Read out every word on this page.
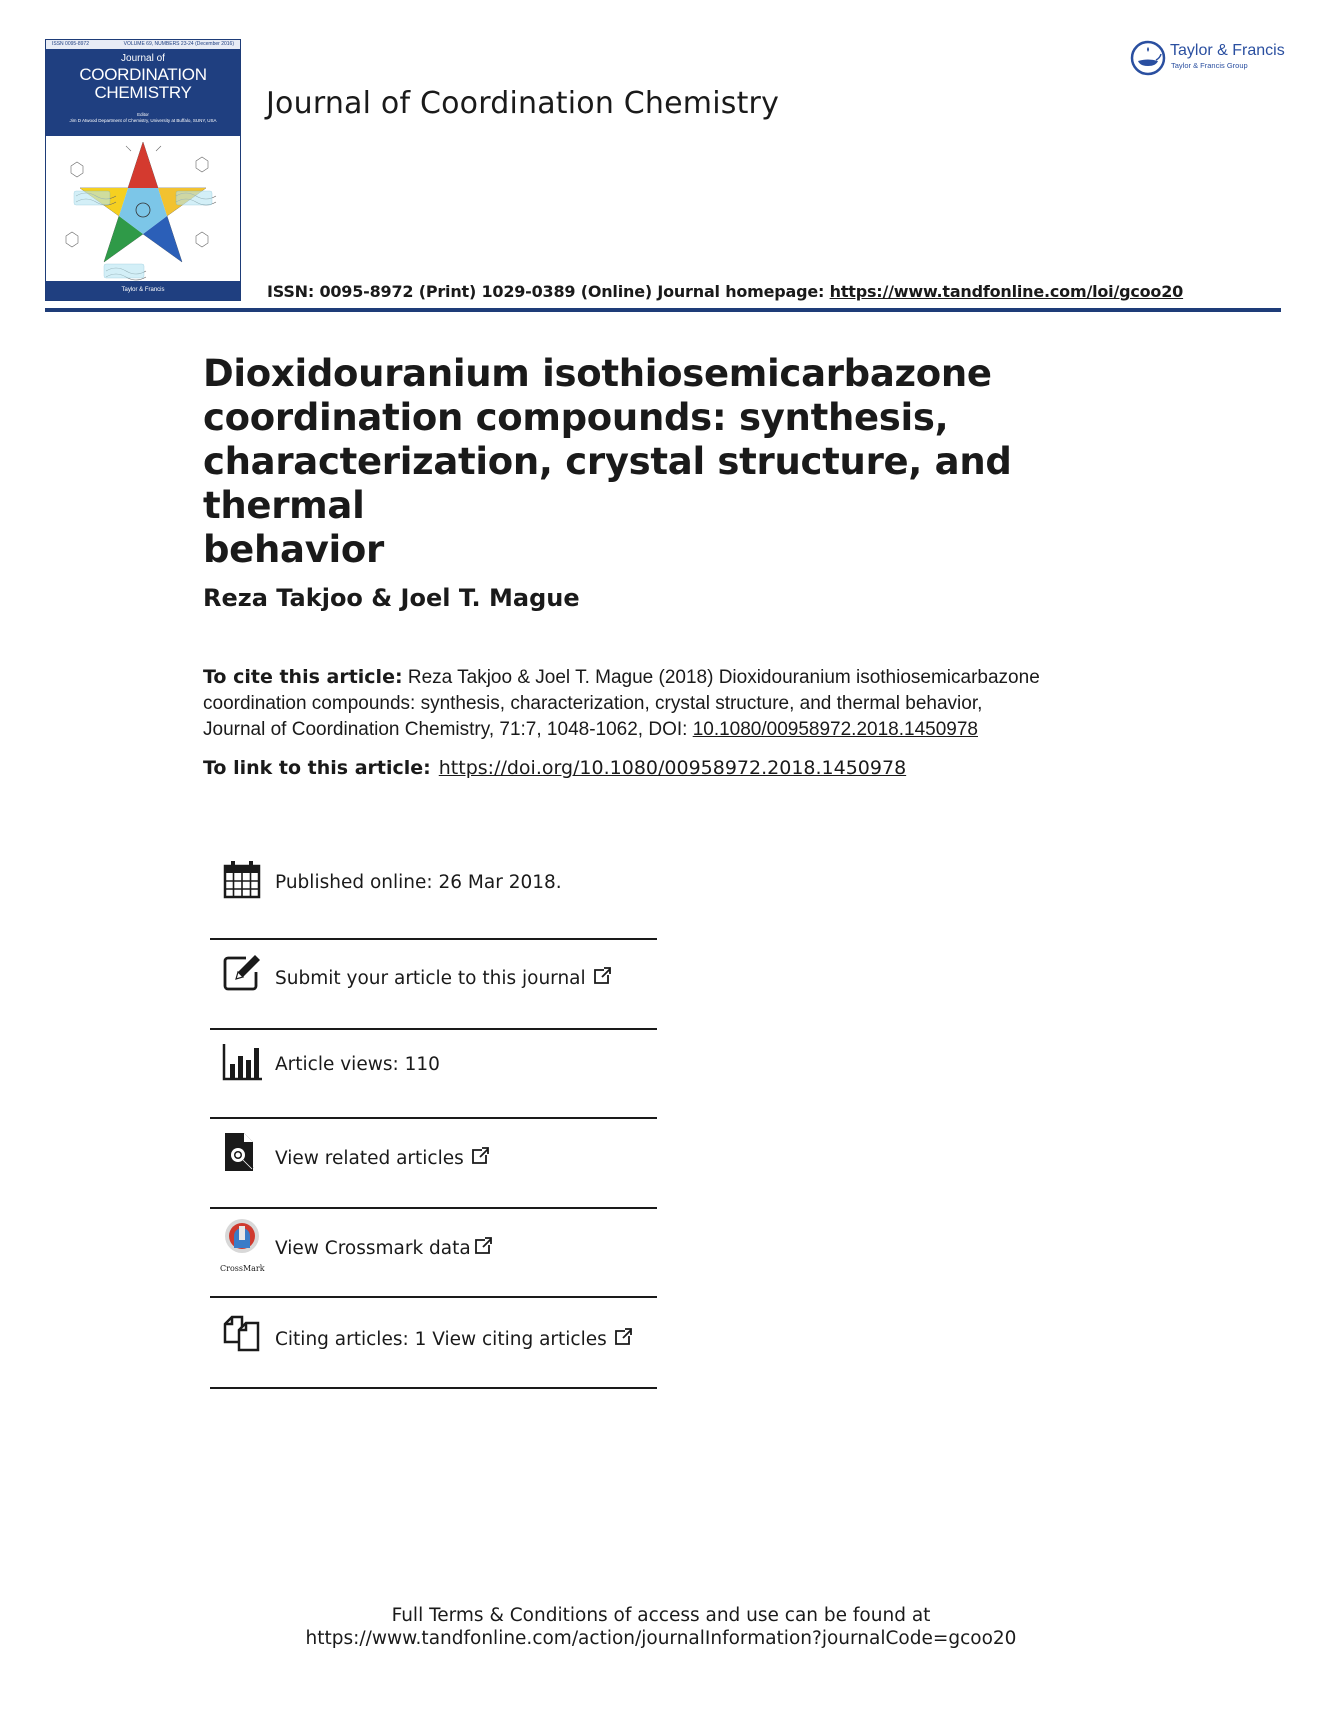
ISSN 0095-8972	VOLUME 69, NUMBERS 23-24 (December 2016)
Journal of
COORDINATION
CHEMISTRY
Editor
Jim D Atwood Department of Chemistry, University at Buffalo, SUNY, USA
Taylor & Francis
Journal of Coordination Chemistry
ISSN: 0095-8972 (Print) 1029-0389 (Online) Journal homepage: https://www.tandfonline.com/loi/gcoo20
Taylor & Francis
Taylor & Francis Group
Dioxidouranium isothiosemicarbazone
coordination compounds: synthesis,
characterization, crystal structure, and thermal
behavior
Reza Takjoo & Joel T. Mague
To cite this article: Reza Takjoo & Joel T. Mague (2018) Dioxidouranium isothiosemicarbazone
coordination compounds: synthesis, characterization, crystal structure, and thermal behavior,
Journal of Coordination Chemistry, 71:7, 1048-1062, DOI: 10.1080/00958972.2018.1450978
To link to this article: https://doi.org/10.1080/00958972.2018.1450978
Published online: 26 Mar 2018.
Submit your article to this journal
Article views: 110
View related articles
CrossMark
View Crossmark data
Citing articles: 1 View citing articles
Full Terms & Conditions of access and use can be found at
https://www.tandfonline.com/action/journalInformation?journalCode=gcoo20
